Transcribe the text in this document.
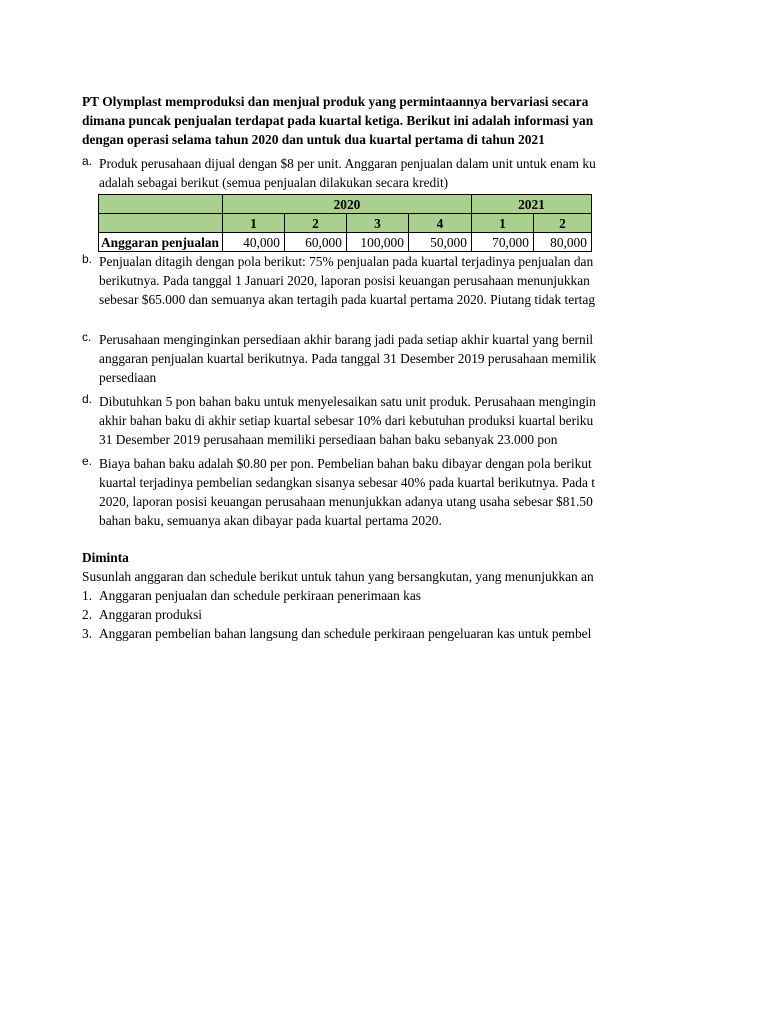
PT Olymplast memproduksi dan menjual produk yang permintaannya bervariasi secara
dimana puncak penjualan terdapat pada kuartal ketiga. Berikut ini adalah informasi yan
dengan operasi selama tahun 2020 dan untuk dua kuartal pertama di tahun 2021
a. Produk perusahaan dijual dengan $8 per unit. Anggaran penjualan dalam unit untuk enam ku
adalah sebagai berikut (semua penjualan dilakukan secara kredit)
	2020				2021	
	1	2	3	4	1	2
Anggaran penjualan	40,000	60,000	100,000	50,000	70,000	80,000
b. Penjualan ditagih dengan pola berikut: 75% penjualan pada kuartal terjadinya penjualan dan
berikutnya. Pada tanggal 1 Januari 2020, laporan posisi keuangan perusahaan menunjukkan
sebesar $65.000 dan semuanya akan tertagih pada kuartal pertama 2020. Piutang tidak tertag
c. Perusahaan menginginkan persediaan akhir barang jadi pada setiap akhir kuartal yang bernil
anggaran penjualan kuartal berikutnya. Pada tanggal 31 Desember 2019 perusahaan memilik
persediaan
d. Dibutuhkan 5 pon bahan baku untuk menyelesaikan satu unit produk. Perusahaan mengingin
akhir bahan baku di akhir setiap kuartal sebesar 10% dari kebutuhan produksi kuartal beriku
31 Desember 2019 perusahaan memiliki persediaan bahan baku sebanyak 23.000 pon
e. Biaya bahan baku adalah $0.80 per pon. Pembelian bahan baku dibayar dengan pola berikut
kuartal terjadinya pembelian sedangkan sisanya sebesar 40% pada kuartal berikutnya. Pada t
2020, laporan posisi keuangan perusahaan menunjukkan adanya utang usaha sebesar $81.50
bahan baku, semuanya akan dibayar pada kuartal pertama 2020.
Diminta
Susunlah anggaran dan schedule berikut untuk tahun yang bersangkutan, yang menunjukkan an
1. Anggaran penjualan dan schedule perkiraan penerimaan kas
2. Anggaran produksi
3. Anggaran pembelian bahan langsung dan schedule perkiraan pengeluaran kas untuk pembel
